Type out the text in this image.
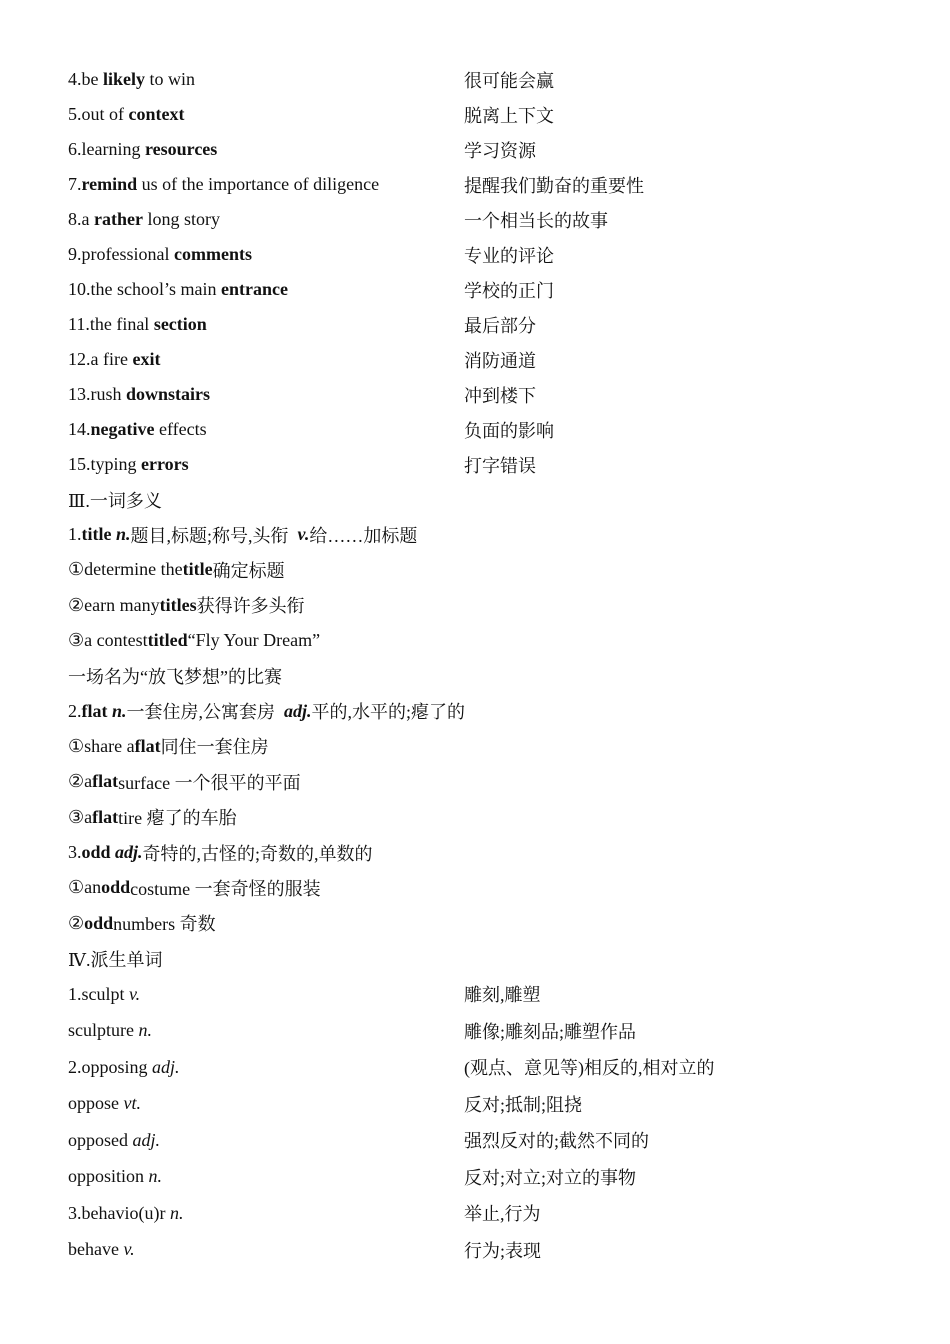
4.be likely to win	很可能会赢
5.out of context	脱离上下文
6.learning resources	学习资源
7.remind us of the importance of diligence	提醒我们勤奋的重要性
8.a rather long story	一个相当长的故事
9.professional comments	专业的评论
10.the school’s main entrance	学校的正门
11.the final section	最后部分
12.a fire exit	消防通道
13.rush downstairs	冲到楼下
14.negative effects	负面的影响
15.typing errors	打字错误
Ⅲ.一词多义
1. title
n. 题目,标题;称号,头衔 v. 给……加标题
①determine the title 确定标题
②earn many titles 获得许多头衔
③a contest titled “Fly Your Dream”
一场名为“放飞梦想”的比赛
2. flat
n. 一套住房,公寓套房 adj. 平的,水平的;瘪了的
①share a flat 同住一套住房
②a flat surface 一个很平的平面
③a flat tire 瘪了的车胎
3. odd
adj. 奇特的,古怪的;奇数的,单数的
①an odd costume 一套奇怪的服装
② odd numbers 奇数
Ⅳ.派生单词
1.sculpt v.	雕刻,雕塑
sculpture n.	雕像;雕刻品;雕塑作品
2.opposing adj.	(观点、意见等)相反的,相对立的
oppose vt.	反对;抵制;阻挠
opposed adj.	强烈反对的;截然不同的
opposition n.	反对;对立;对立的事物
3.behavio(u)r n.	举止,行为
behave v.	行为;表现
